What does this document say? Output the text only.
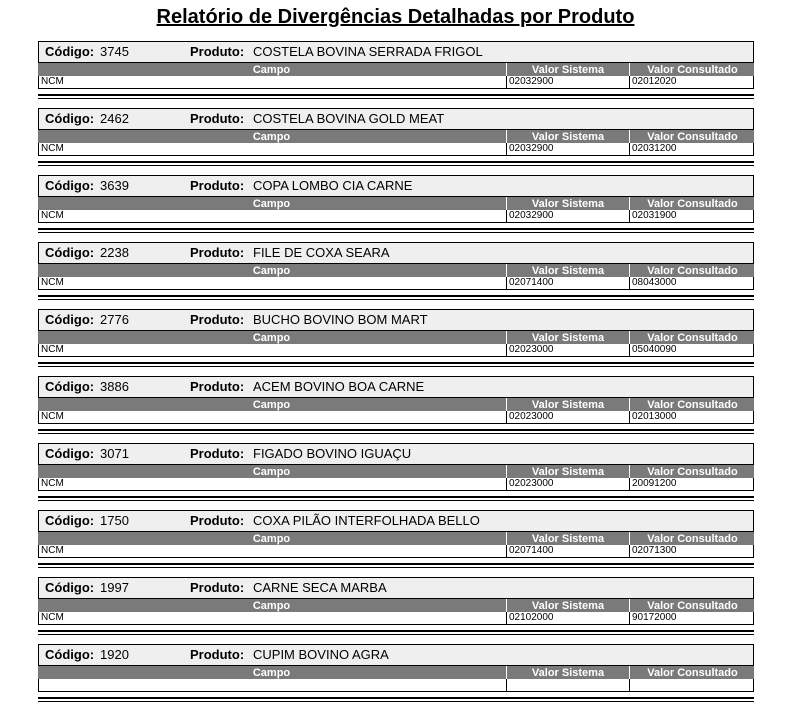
Relatório de Divergências Detalhadas por Produto
Código: 3745	Produto: COSTELA BOVINA SERRADA FRIGOL
Campo	Valor Sistema	Valor Consultado
NCM	02032900	02012020
Código: 2462	Produto: COSTELA BOVINA GOLD MEAT
Campo	Valor Sistema	Valor Consultado
NCM	02032900	02031200
Código: 3639	Produto: COPA LOMBO CIA CARNE
Campo	Valor Sistema	Valor Consultado
NCM	02032900	02031900
Código: 2238	Produto: FILE DE COXA SEARA
Campo	Valor Sistema	Valor Consultado
NCM	02071400	08043000
Código: 2776	Produto: BUCHO BOVINO BOM MART
Campo	Valor Sistema	Valor Consultado
NCM	02023000	05040090
Código: 3886	Produto: ACEM BOVINO BOA CARNE
Campo	Valor Sistema	Valor Consultado
NCM	02023000	02013000
Código: 3071	Produto: FIGADO BOVINO IGUAÇU
Campo	Valor Sistema	Valor Consultado
NCM	02023000	20091200
Código: 1750	Produto: COXA PILÃO INTERFOLHADA BELLO
Campo	Valor Sistema	Valor Consultado
NCM	02071400	02071300
Código: 1997	Produto: CARNE SECA MARBA
Campo	Valor Sistema	Valor Consultado
NCM	02102000	90172000
Código: 1920	Produto: CUPIM BOVINO AGRA
Campo	Valor Sistema	Valor Consultado
